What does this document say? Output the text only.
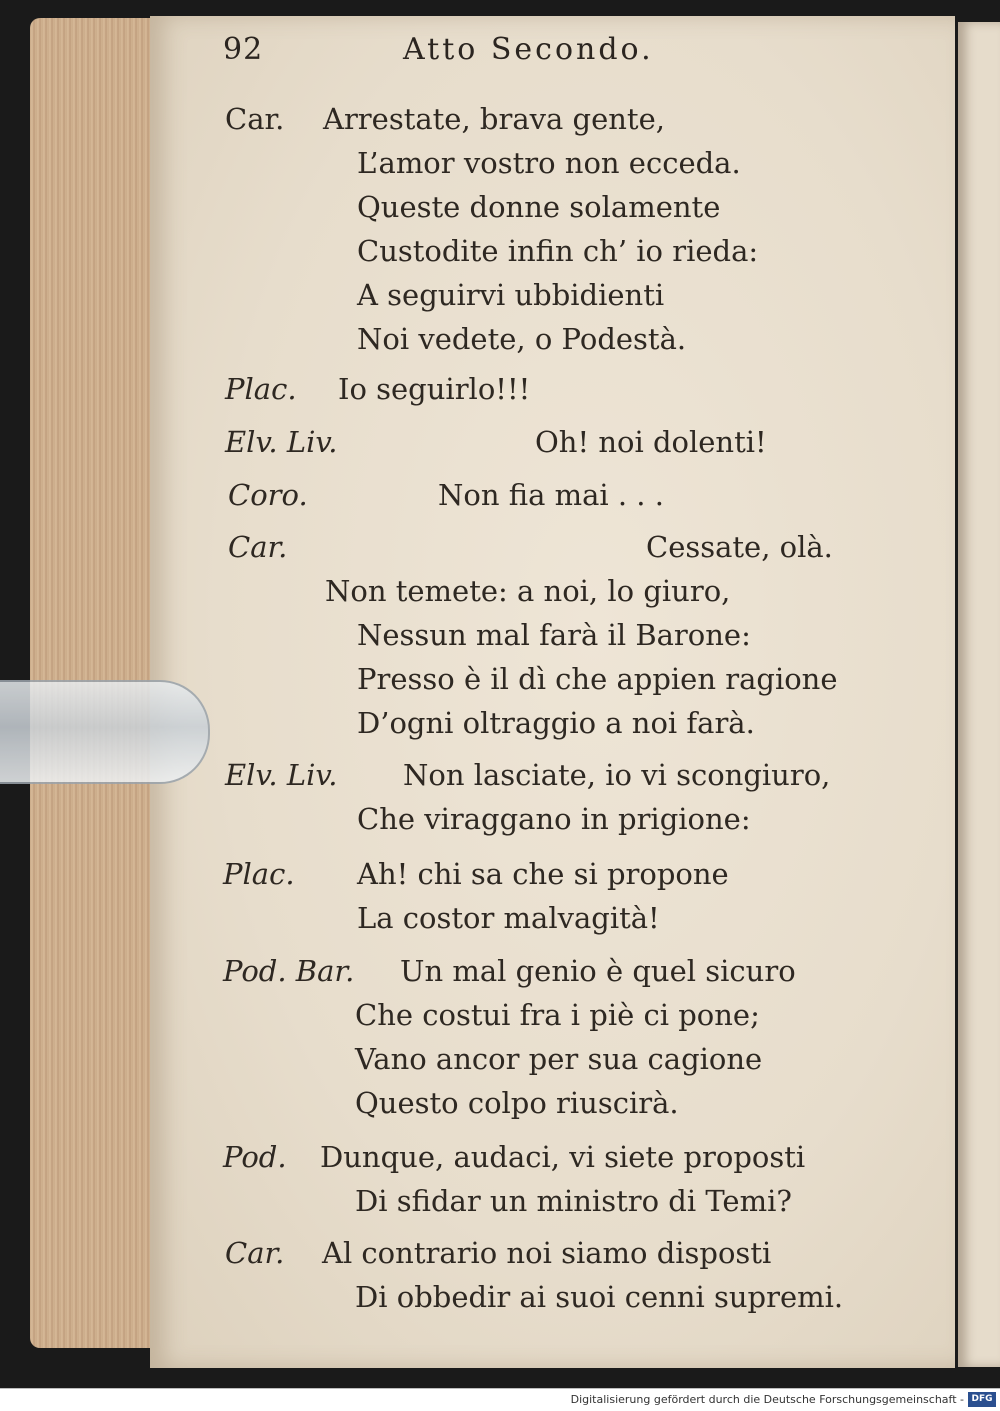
92	Atto Secondo.
Car.
Plac.
Elv. Liv.
Coro.
Car.
Elv. Liv.
Plac.
Pod. Bar.
Pod.
Car.
Arrestate, brava gente,
L’amor vostro non ecceda.
Queste donne solamente
Custodite infin ch’ io rieda:
A seguirvi ubbidienti
Noi vedete, o Podestà.
Io seguirlo!!!
Oh! noi dolenti!
Non fia mai . . .
Cessate, olà.
Non temete: a noi, lo giuro,
Nessun mal farà il Barone:
Presso è il dì che appien ragione
D’ogni oltraggio a noi farà.
Non lasciate, io vi scongiuro,
Che viraggano in prigione:
Ah! chi sa che si propone
La costor malvagità!
Un mal genio è quel sicuro
Che costui fra i piè ci pone;
Vano ancor per sua cagione
Questo colpo riuscirà.
Dunque, audaci, vi siete proposti
Di sfidar un ministro di Temi?
Al contrario noi siamo disposti
Di obbedir ai suoi cenni supremi.
Digitalisierung gefördert durch die Deutsche Forschungsgemeinschaft - DFG
